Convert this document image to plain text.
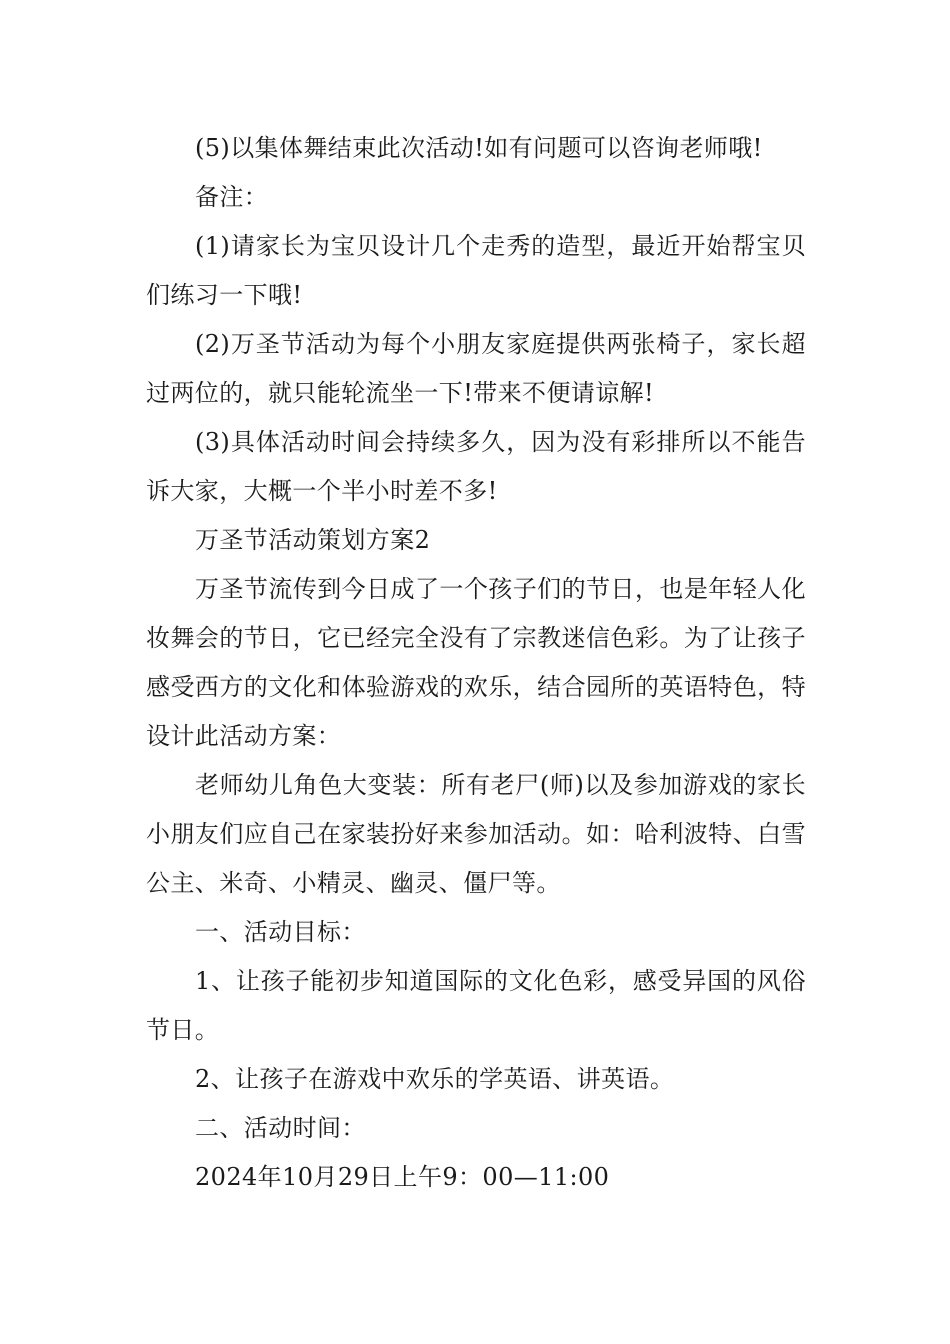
(5)以集体舞结束此次活动!如有问题可以咨询老师哦!

备注：

(1)请家长为宝贝设计几个走秀的造型，最近开始帮宝贝们练习一下哦!

(2)万圣节活动为每个小朋友家庭提供两张椅子，家长超过两位的，就只能轮流坐一下!带来不便请谅解!

(3)具体活动时间会持续多久，因为没有彩排所以不能告诉大家，大概一个半小时差不多!

万圣节活动策划方案2

万圣节流传到今日成了一个孩子们的节日，也是年轻人化妆舞会的节日，它已经完全没有了宗教迷信色彩。为了让孩子感受西方的文化和体验游戏的欢乐，结合园所的英语特色，特设计此活动方案：

老师幼儿角色大变装：所有老尸(师)以及参加游戏的家长小朋友们应自己在家装扮好来参加活动。如：哈利波特、白雪公主、米奇、小精灵、幽灵、僵尸等。

一、活动目标：

1、让孩子能初步知道国际的文化色彩，感受异国的风俗节日。

2、让孩子在游戏中欢乐的学英语、讲英语。

二、活动时间：

2024年10月29日上午9：00—11:00
